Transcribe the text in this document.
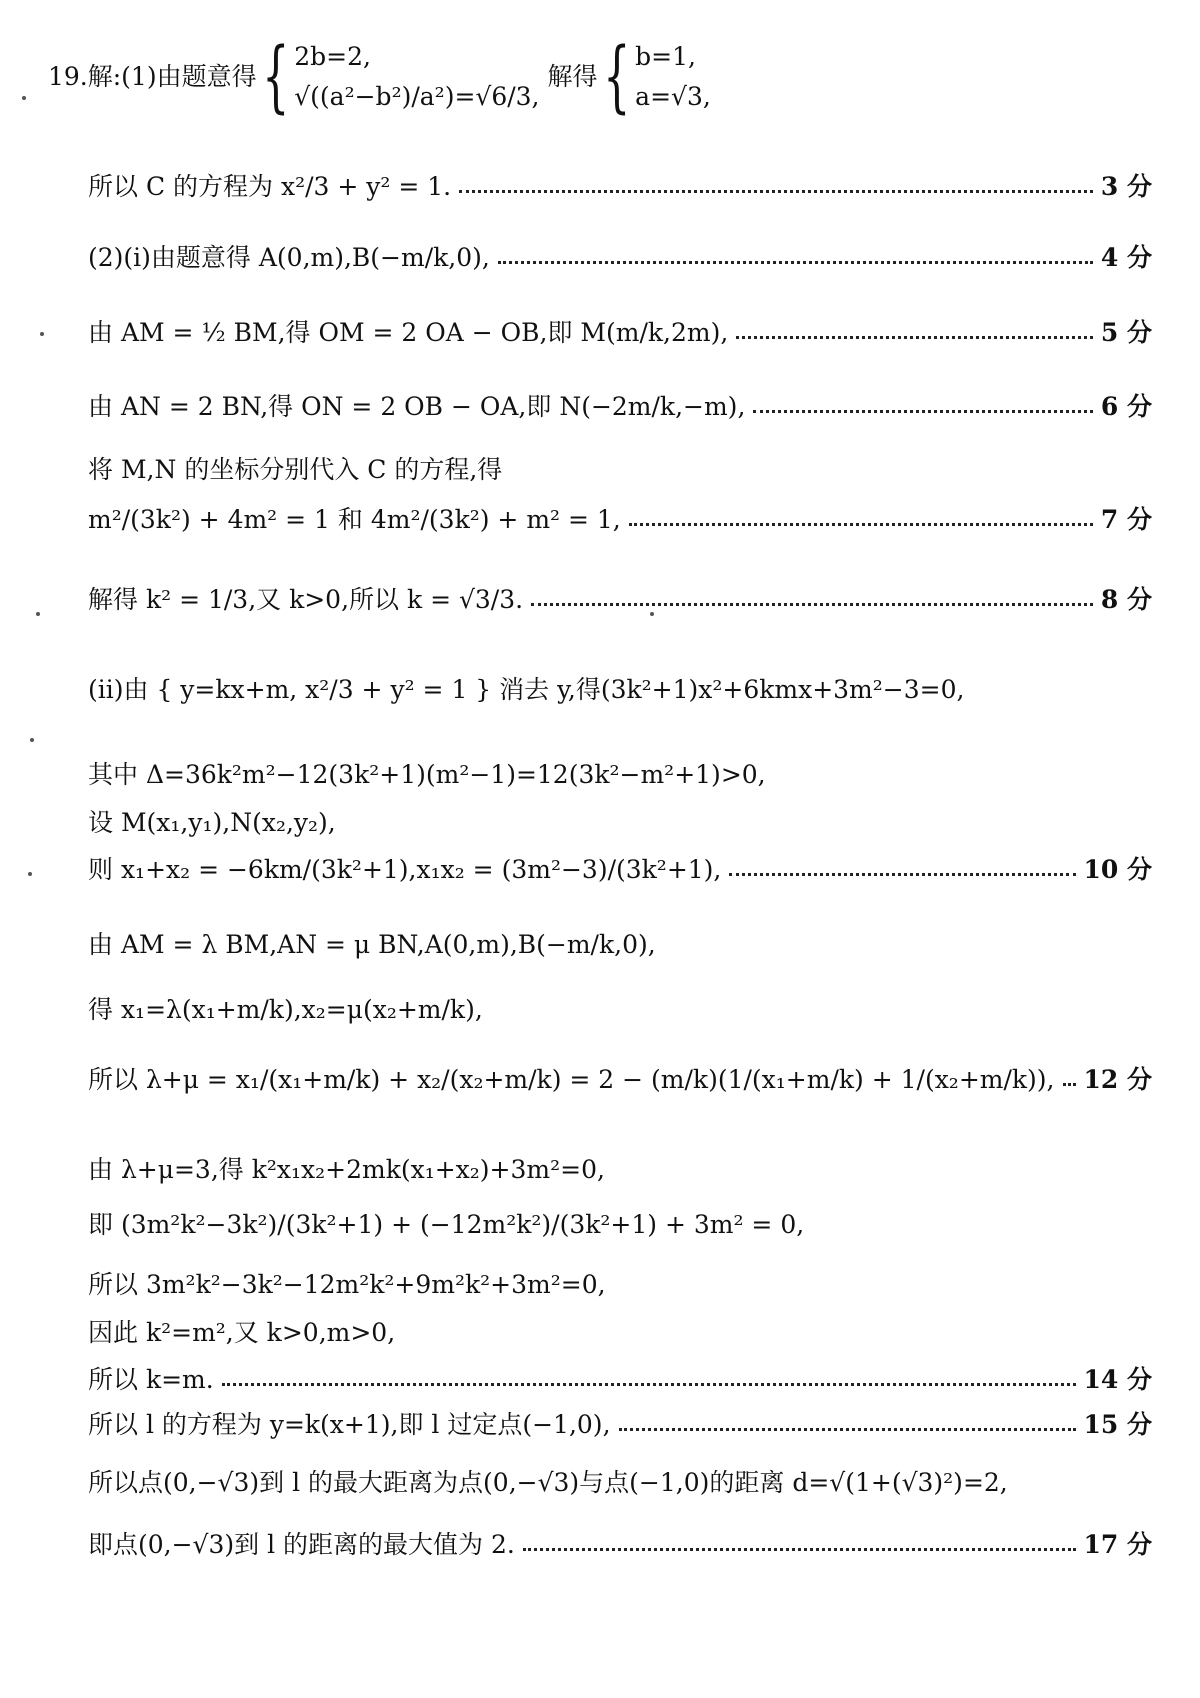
19.解:(1)由题意得 { 2b=2,
√((a²−b²)/a²)=√6/3,
解得 { b=1,
a=√3,
所以 C 的方程为 x²/3 + y² = 1.	3 分
(2)(ⅰ)由题意得 A(0,m),B(−m/k,0),	4 分
由 AM = ½ BM,得 OM = 2 OA − OB,即 M(m/k,2m),	5 分
由 AN = 2 BN,得 ON = 2 OB − OA,即 N(−2m/k,−m),	6 分
将 M,N 的坐标分别代入 C 的方程,得
m²/(3k²) + 4m² = 1 和 4m²/(3k²) + m² = 1,	7 分
解得 k² = 1/3,又 k>0,所以 k = √3/3.	8 分
(ⅱ)由 { y=kx+m, x²/3 + y² = 1 } 消去 y,得(3k²+1)x²+6kmx+3m²−3=0,
其中 Δ=36k²m²−12(3k²+1)(m²−1)=12(3k²−m²+1)>0,
设 M(x₁,y₁),N(x₂,y₂),
则 x₁+x₂ = −6km/(3k²+1),x₁x₂ = (3m²−3)/(3k²+1),	10 分
由 AM = λ BM,AN = μ BN,A(0,m),B(−m/k,0),
得 x₁=λ(x₁+m/k),x₂=μ(x₂+m/k),
所以 λ+μ = x₁/(x₁+m/k) + x₂/(x₂+m/k) = 2 − (m/k)(1/(x₁+m/k) + 1/(x₂+m/k)), 12 分
由 λ+μ=3,得 k²x₁x₂+2mk(x₁+x₂)+3m²=0,
即 (3m²k²−3k²)/(3k²+1) + (−12m²k²)/(3k²+1) + 3m² = 0,
所以 3m²k²−3k²−12m²k²+9m²k²+3m²=0,
因此 k²=m²,又 k>0,m>0,
所以 k=m.	14 分
所以 l 的方程为 y=k(x+1),即 l 过定点(−1,0),	15 分
所以点(0,−√3)到 l 的最大距离为点(0,−√3)与点(−1,0)的距离 d=√(1+(√3)²)=2,
即点(0,−√3)到 l 的距离的最大值为 2.	17 分
